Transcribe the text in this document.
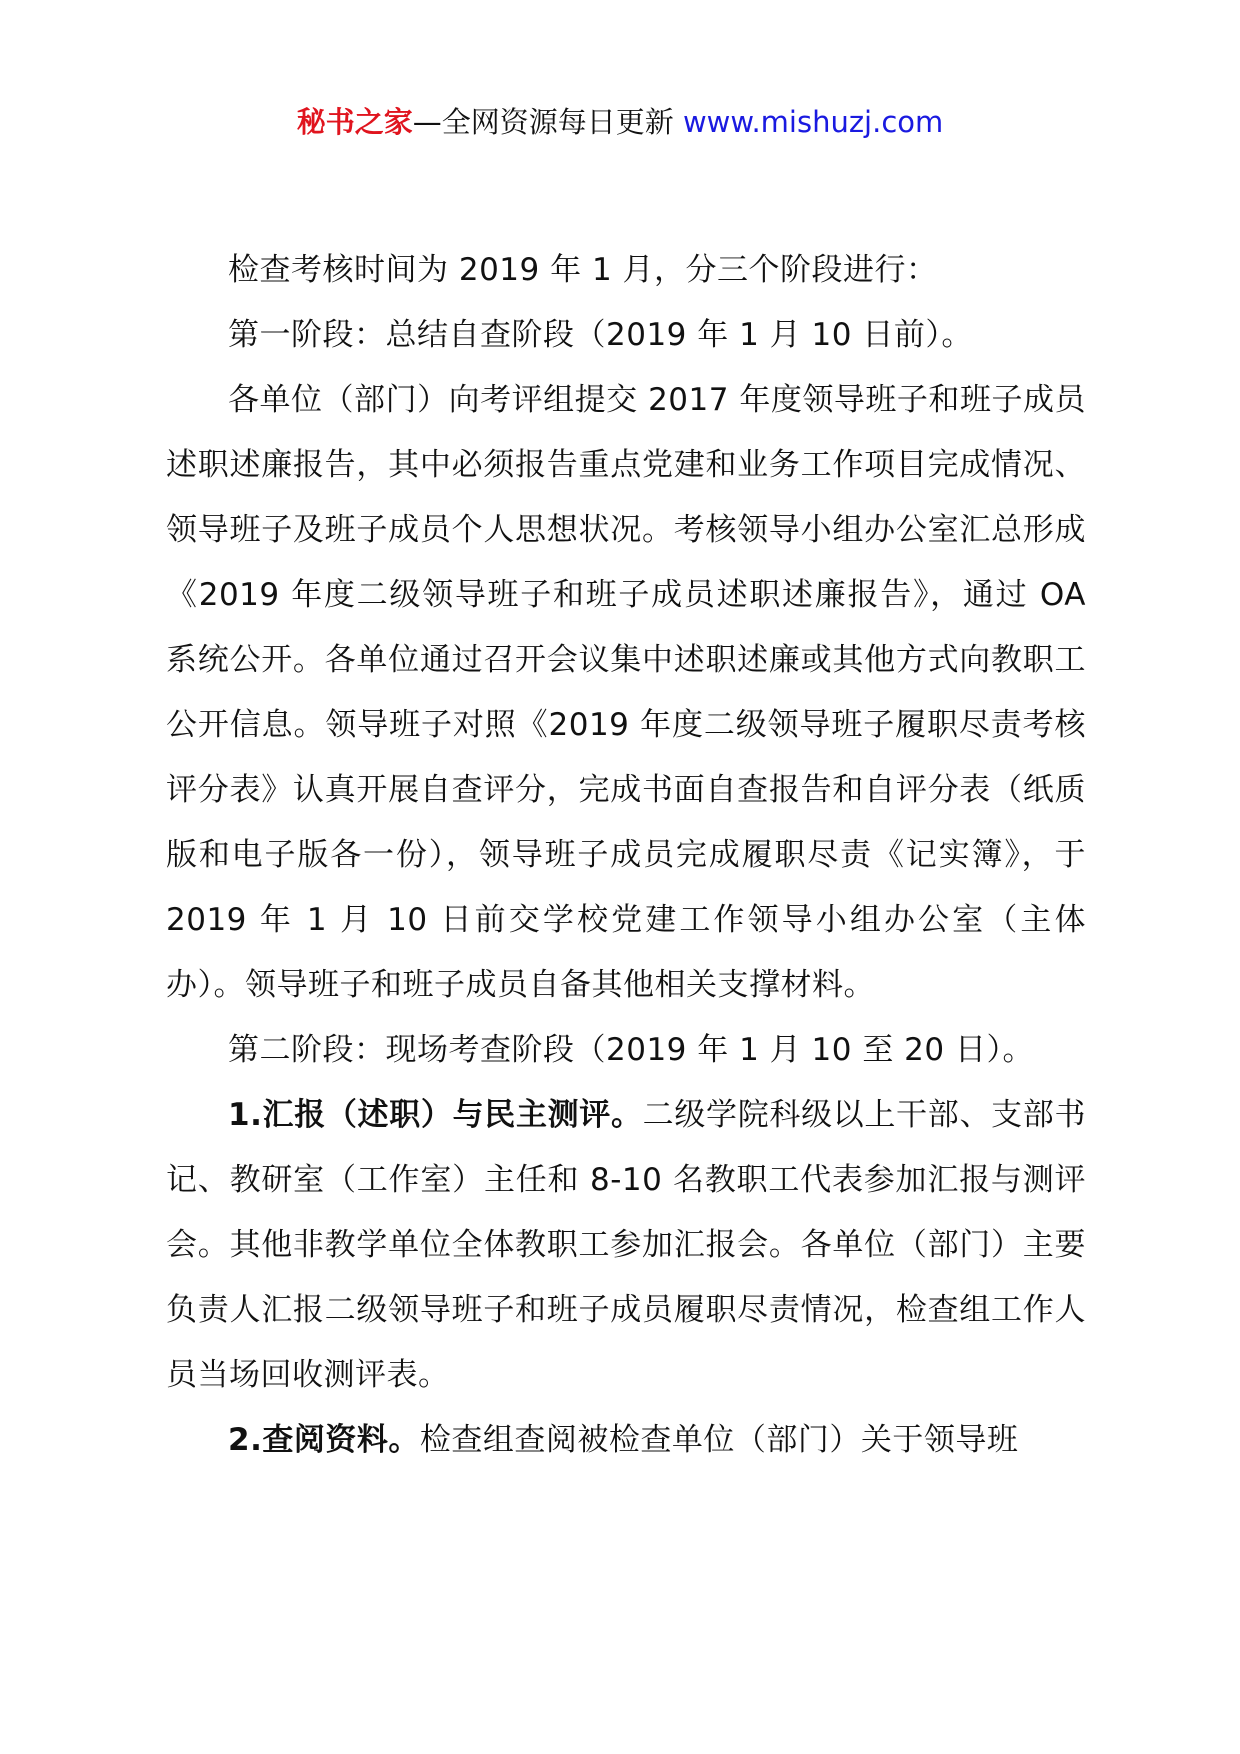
秘书之家—全网资源每日更新 www.mishuzj.com

检查考核时间为 2019 年 1 月，分三个阶段进行：

第一阶段：总结自查阶段（2019 年 1 月 10 日前）。

各单位（部门）向考评组提交 2017 年度领导班子和班子成员述职述廉报告，其中必须报告重点党建和业务工作项目完成情况、领导班子及班子成员个人思想状况。考核领导小组办公室汇总形成《2019 年度二级领导班子和班子成员述职述廉报告》，通过 OA 系统公开。各单位通过召开会议集中述职述廉或其他方式向教职工公开信息。领导班子对照《2019 年度二级领导班子履职尽责考核评分表》认真开展自查评分，完成书面自查报告和自评分表（纸质版和电子版各一份），领导班子成员完成履职尽责《记实簿》，于 2019 年 1 月 10 日前交学校党建工作领导小组办公室（主体办）。领导班子和班子成员自备其他相关支撑材料。

第二阶段：现场考查阶段（2019 年 1 月 10 至 20 日）。

1.汇报（述职）与民主测评。二级学院科级以上干部、支部书记、教研室（工作室）主任和 8-10 名教职工代表参加汇报与测评会。其他非教学单位全体教职工参加汇报会。各单位（部门）主要负责人汇报二级领导班子和班子成员履职尽责情况，检查组工作人员当场回收测评表。

2.查阅资料。检查组查阅被检查单位（部门）关于领导班
